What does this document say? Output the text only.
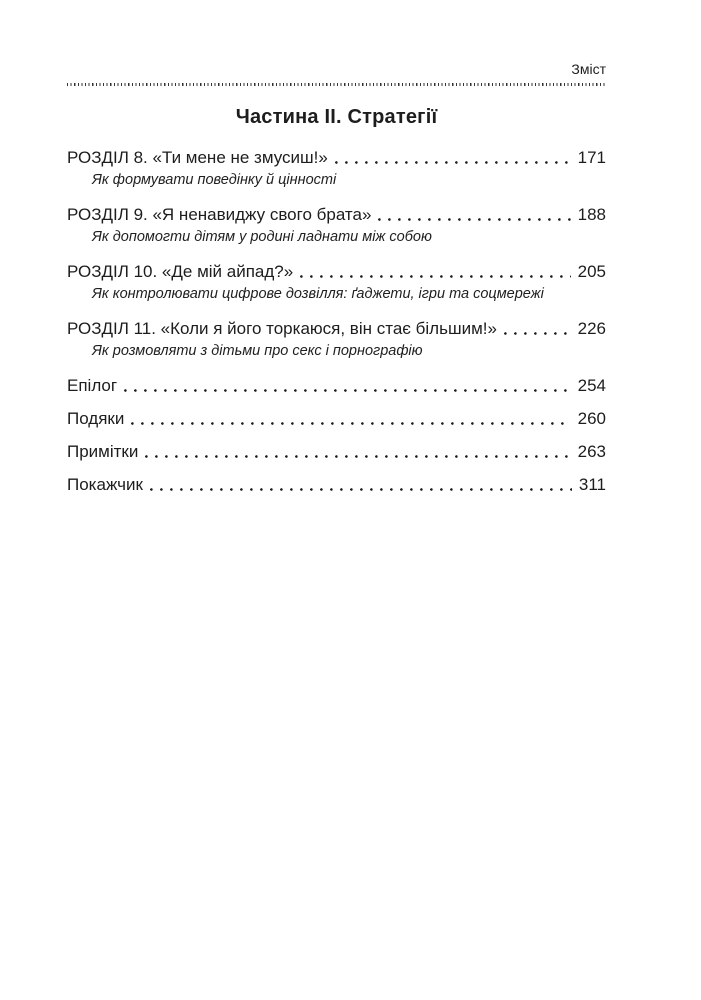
Зміст
Частина II. Стратегії
РОЗДІЛ 8. «Ти мене не змусиш!»	171
Як формувати поведінку й цінності
РОЗДІЛ 9. «Я ненавиджу свого брата»	188
Як допомогти дітям у родині ладнати між собою
РОЗДІЛ 10. «Де мій айпад?»	205
Як контролювати цифрове дозвілля: ґаджети, ігри та соцмережі
РОЗДІЛ 11. «Коли я його торкаюся, він стає більшим!»	226
Як розмовляти з дітьми про секс і порнографію
Епілог	254
Подяки	260
Примітки	263
Покажчик	311
